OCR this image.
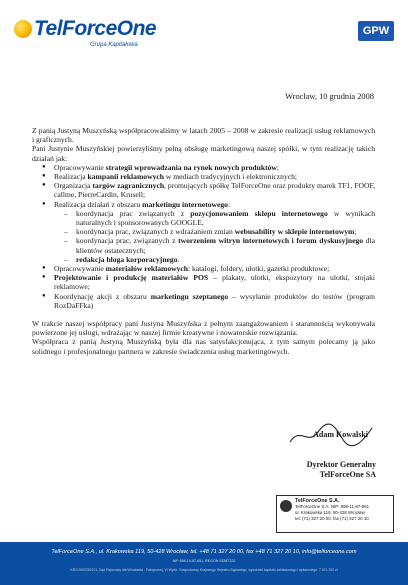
TelForceOne
Grupa Kapitałowa
GPW
Wrocław, 10 grudnia 2008

Z panią Justyną Muszyńską współpracowaliśmy w latach 2005 – 2008 w zakresie realizacji usług reklamowych i graficznych.

Pani Justynie Muszyńskiej powierzyliśmy pełną obsługę marketingową naszej spółki, w tym realizację takich działań jak:

● Opracowywanie strategii wprowadzania na rynek nowych produktów;
● Realizacja kampanii reklamowych w mediach tradycyjnych i elektronicznych;
● Organizacja targów zagranicznych, promujących spółkę TelForceOne oraz produkty marek TF1, FOOF, callme, PierreCardin, Krusell;
● Realizacja działań z obszaru marketingu internetowego:
– koordynacja prac związanych z pozycjonowaniem sklepu internetowego w wynikach naturalnych i sponsorowanych GOOGLE,
– koordynacja prac, związanych z wdrażaniem zmian webusability w sklepie internetowym;
– koordynacja prac, związanych z tworzeniem witryn internetowych i forum dyskusyjnego dla klientów ostatecznych;
– redakcja bloga korporacyjnego.
● Opracowywanie materiałów reklamowych: katalogi, foldery, ulotki, gazetki produktowe;
● Projektowanie i produkcję materiałów POS – plakaty, ulotki, ekspozytory na ulotki, stojaki reklamowe;
● Koordynację akcji z obszaru marketingu szeptanego – wysyłanie produktów do testów (program RozDaFFka)

W trakcie naszej współpracy pani Justyna Muszyńska z pełnym zaangażowaniem i starannością wykonywała powierzone jej usługi, wdrażając w naszej firmie kreatywne i nowatorskie rozwiązania.

Współpraca z panią Justyną Muszyńską była dla nas satysfakcjonująca, z tym samym polecamy ją jako solidnego i profesjonalnego partnera w zakresie świadczenia usług marketingowych.

Adam Kowalski
Dyrektor Generalny
TelForceOne SA
TelForceOne S.A.
TelForceOne S.A. NIP: 898-11-87-851
ul. Krakowska 119, 50-428 Wrocław
tel. (71) 327 20 00, fax (71) 327 20 10
TelForceOne S.A., ul. Krakowska 119, 50-428 Wrocław, tel. +48 71 327 20 00, fax +48 71 327 20 10, info@telforceone.com
NIP 898-19-87-851, REGON 93387322
KRS 0000252101, Sąd Rejonowy dla Wrocławia - Fabrycznej, VI Wydz. Gospodarczy Krajowego Rejestru Sądowego, wysokość kapitału zakładowego i wpłaconego: 7 571 200 zł
